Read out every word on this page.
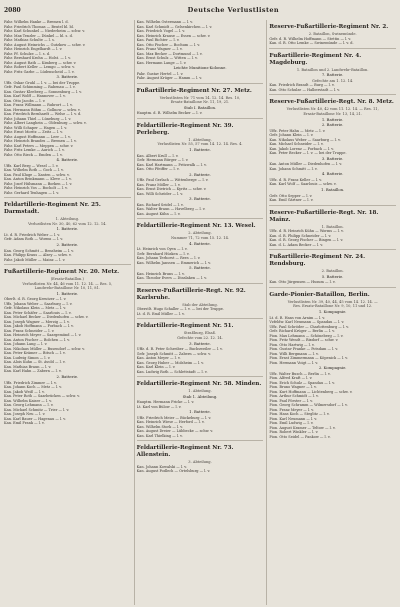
2080	Deutsche Verlustlisten
Fahr. Wilhelm Hanke — Bremen l. d.
Fahr. Friedrich Thomas — Beutel bl. bl.
Fahr. Karl Schunkel — Niederheim — schw. v.
Fahr. Max Tenzler — Dünkel — bl. s. d.
Fahr. Mathias Schulte — l. s.
Fahr. August Heinrichs — Gutzkow — schw. v.
Fahr. Heinrich Engelhardt — l. v.
Fahr. Pf. Schulze — l. s. d.
Fahr. Bernhard Krohn — Holst. — l. v.
Fahr. August Rath — Kimberg — schw. v.
Fahr. Robert Keller — Lemgo — schw. v.
Fahr. Fritz Garbe — Lüdenscheid — l. v.
3. Batterie.
Uffz. Oskar Gruhl — l. v. — bei der Truppe.
Gefr. Paul Schimming — Rabenau — l. v.
Kan. Gustav Kleeberg — Sonnenburg — l. v.
Kan. Karl Wolff — Hannover — l. v.
Kan. Otto Jacobs — l. v.
Kan. Franz Willmann — Ruhrort — l. v.
Kan. Hermann Böhm — Gollnow — schw. v.
Kan. Friedrich Bernhardt — Welse — l. v. d.
Fahr. Johann Thiel — Lüneburg — l. v.
Fahr. Albert Langhein — Oldenburg — schw. v.
Fahr. Willi Schaper — Hagen — l. v.
Fahr. Ernst Moritz — Zeitz — l. v.
Fahr. August Hoffmann — Leer — l. v.
Fahr. Heinrich Brandes — Bremen — l. v.
Fahr. Karl Peters — Meppen — schw. v.
Fahr. Fritz Lemke — Aurich — l. v.
Fahr. Otto Rieck — Emden — l. v.
4. Batterie.
Uffz. Karl Berg — Wesel — l. v.
Kan. Wilhelm Roth — Goch — l. v.
Kan. Paul Kluge — Xanten — schw. v.
Kan. Anton Brinkmann — Kleve — l. v.
Fahr. Josef Hülsmann — Borken — l. v.
Fahr. Heinrich Vos — Bocholt — l. v.
Fahr. Gerhard Tenhagen — l. v.
Feldartillerie-Regiment Nr. 25. Darmstadt.
1. Abteilung.
Verlustlisten Nr. 30, 40, 62 vom 12. 12. 14.
1. Batterie.
Lt. d. R. Friedrich Weber — l. v.
Gefr. Adam Roth — Worms — l. v.
2. Batterie.
Kan. Georg Schmitt — Bensheim — l. v.
Kan. Philipp Kraus — Alzey — schw. v.
Fahr. Jakob Müller — Mainz — l. v.
Fußartillerie-Regiment Nr. 20. Metz.
(Ersatz-Bataillon.)
Verlustlisten Nr. 44, 46 vom 11. 12. 14. — Res. 5,
Landwehr-Bataillone Nr. 10, 11, 81.
1. Batterie.
Oberlt. d. R. Georg Kreutzer — l. v.
Uffz. Johann Weber — Saarburg — l. v.
Gefr. Nikolaus Klein — Metz — l. v.
Kan. Peter Schäfer — Saarlouis — l. v.
Kan. Michael Becker — Diedenhofen — schw. v.
Kan. Joseph Wagner — Merzig — l. v.
Kan. Jakob Hoffmann — Forbach — l. v.
Kan. Franz Schneider — l. v.
Kan. Heinrich Meyer — Saargemünd — l. v.
Kan. Anton Fischer — Bolchen — l. v.
Kan. Johann Lang — l. v.
Kan. Nikolaus Müller — Busendorf — schw. v.
Kan. Peter Krämer — Bitsch — l. v.
Kan. Ludwig Simon — l. v.
Kan. Alois Kuhn — St. Avold — l. v.
Kan. Mathias Braun — l. v.
Kan. Karl Hahn — Zabern — l. v.
2. Batterie.
Uffz. Friedrich Zimmer — l. v.
Kan. Johann Koch — Metz — l. v.
Kan. Jakob Weiß — l. v.
Kan. Peter Roth — Saarbrücken — schw. v.
Kan. Wilhelm Kaiser — l. v.
Kan. Georg Lehmann — l. v.
Kan. Michael Schmitz — Trier — l. v.
Kan. Joseph Neu — l. v.
Kan. Karl Bauer — Hagenau — l. v.
Kan. Emil Frank — l. v.
Kan. Wilhelm Ostermann — l. v.
Kan. Karl Schmidt — Gelsenkirchen — l. v.
Kan. Friedrich Vogel — l. v.
Kan. Heinrich Krause — Essen — schw. v.
Kan. Paul Richter — l. v.
Kan. Otto Fischer — Bochum — l. v.
Kan. Franz Wagner — l. v.
Kan. Max Becker — Dortmund — l. v.
Kan. Ernst Schulz — Witten — l. v.
Kan. Hermann Lange — l. v.
Leichte Munitions-Kolonne.
Fahr. Gustav Hertel — l. v.
Fahr. August Krüger — Hamm — l. v.
Fußartillerie-Regiment Nr. 27. Metz.
Verlustlisten Nr. 71 vom 14. 12. 14. Res. 10,
Ersatz-Bataillone Nr. 11, 19, 21.
Stab I. Bataillon.
Hauptm. d. R. Wilhelm Becker — l. v.
Feldartillerie-Regiment Nr. 39. Perleberg.
1. Abteilung.
Verlustlisten Nr. 55, 57 vom 14. 12. 14. Res. 4.
1. Batterie.
Kan. Albert Krull — l. v.
Gefr. Hermann Bürger — l. v.
Kan. Karl Hartmann — Pritzwalk — l. v.
Kan. Otto Pfeiffer — l. v.
2. Batterie.
Uffz. Paul Gerlach — Wittenberge — l. v.
Kan. Franz Möller — l. v.
Kan. Ernst Dietrich — Kyritz — schw. v.
Kan. Willi Schröder — l. v.
3. Batterie.
Kan. Richard Seidel — l. v.
Kan. Walter Braun — Havelberg — l. v.
Kan. August Kühn — l. v.
Feldartillerie-Regiment Nr. 13. Wesel.
2. Abteilung.
Nummer 71, 72 vom 15. 12. 14.
4. Batterie.
Lt. Heinrich von Oyen — l. v.
Gefr. Bernhard Hüsken — l. v.
Kan. Johann Terhorst — Rees — l. v.
Kan. Wilhelm Janssen — Emmerich — l. v.
5. Batterie.
Kan. Heinrich Bruns — l. v.
Kan. Theodor Evers — Dinslaken — l. v.
Reserve-Fußartillerie-Regt. Nr. 92. Karlsruhe.
Stab der Abteilung.
Oberstlt. Hugo Schaller — l. v. — bei der Truppe.
Lt. d. R. Emil Müller — l. v.
Feldartillerie-Regiment Nr. 51.
Straßburg, Elsaß.
Gefechte vom 22. 12. 14.
3. Batterie.
Uffz. d. R. Peter Schreiber — Buchsweiler — l. v.
Gefr. Joseph Schmitt — Zabern — schw. v.
Kan. Anton Meyer — l. v.
Kan. Georg Huber — Molsheim — l. v.
Kan. Karl Klein — l. v.
Kan. Ludwig Roth — Schlettstadt — l. v.
Feldartillerie-Regiment Nr. 58. Minden.
1. Abteilung.
Stab 1. Abteilung.
Hauptm. Hermann Fricke — l. v.
Lt. Karl von Bülow — l. v.
1. Batterie.
Uffz. Friedrich Meier — Bückeburg — l. v.
Kan. Heinrich Wiese — Herford — l. v.
Kan. Wilhelm Stork — l. v.
Kan. August Dreier — Lübbecke — schw. v.
Kan. Karl Thielking — l. v.
Feldartillerie-Regiment Nr. 73. Allenstein.
3. Abteilung.
Kan. Johann Kowalski — l. v.
Kan. August Podlech — Ortelsburg — l. v.
Reserve-Fußartillerie-Regiment Nr. 2.
2. Bataillon, Swinemünde.
Gefr. d. R. Wilhelm Hoffmann — Stettin — l. v.
Kan. d. R. Otto Lemke — Swinemünde — l. v. d.
Fußartillerie-Regiment Nr. 4. Magdeburg.
1. Bataillon und 2. Landwehr-Bataillon.
7. Batterie.
Gefechte am 1. 12. 14.
Kan. Friedrich Brandt — Burg — l. v.
Kan. Otto Schulze — Halberstadt — l. v.
Reserve-Fußartillerie-Regt. Nr. 8. Metz.
Verlustlisten Nr. 40, 42 vom 11. 12. 14. — Res. 11,
Ersatz-Bataillone Nr. 13, 14, 21.
1. Batterie.
2. Batterie.
Uffz. Peter Hahn — Metz — l. v.
Gefr. Johann Klein — l. v.
Kan. Nikolaus Weber — Saarburg — l. v.
Kan. Michael Schneider — l. v.
Kan. Jakob Lorenz — Forbach — l. v.
Kan. Peter Becker — l. v. — bei der Truppe.
3. Batterie.
Kan. Anton Müller — Diedenhofen — l. v.
Kan. Johann Schmitt — l. v.
4. Batterie.
Uffz. d. R. Franz Keller — l. v.
Kan. Karl Wolf — Saarlouis — schw. v.
1. Bataillon.
Gefr. Otto Sepper — l. v.
Kan. Emil Gärtner — l. v.
Reserve-Fußartillerie-Regt. Nr. 18. Mainz.
1. Bataillon.
Uffz. d. R. Heinrich Kühn — Worms — l. v.
Kan. d. R. Philipp Schneider — l. v.
Kan. d. R. Georg Fischer — Bingen — l. v.
Kan. d. L. Adam Becker — l. v.
Fußartillerie-Regiment Nr. 24. Rendsburg.
2. Bataillon.
5. Batterie.
Kan. Otto Jürgensen — Husum — l. v.
Garde-Pionier-Bataillon, Berlin.
Verlustlisten Nr. 39, 40, 44, 45 vom 14. 12. 14. —
Res. Ersatz-Bataillone Nr. 9, 10, 11 und 12.
1. Kompagnie.
Lt. d. R. Hans von Arnim — l. v.
Vzfeldw. Karl Neumann — Spandau — l. v.
Uffz. Paul Schröder — Charlottenburg — l. v.
Gefr. Richard Krüger — Berlin — l. v.
Pion. Max Lehmann — Schöneberg — l. v.
Pion. Fritz Wendt — Rixdorf — schw. v.
Pion. Otto Hartwig — l. v.
Pion. Gustav Franke — Potsdam — l. v.
Pion. Willi Bergmann — l. v.
Pion. Ernst Zimmermann — Köpenick — l. v.
Pion. Hermann Voigt — l. v.
2. Kompagnie.
Uffz. Walter Busch — Berlin — l. v.
Pion. Alfred Kraft — l. v.
Pion. Erich Schulz — Spandau — l. v.
Pion. Bruno Wagner — l. v.
Pion. Kurt Hoffmann — Lichtenberg — schw. v.
Pion. Arthur Schmidt — l. v.
Pion. Paul Förster — l. v.
Pion. Georg Schramm — Wilmersdorf — l. v.
Pion. Franz Meyer — l. v.
Pion. Hans Koch — Steglitz — l. v.
Pion. Karl Neumann — l. v.
Pion. Emil Ludwig — l. v.
Pion. August Kramer — Teltow — l. v.
Pion. Robert Winkler — l. v.
Pion. Otto Seidel — Pankow — l. v.
